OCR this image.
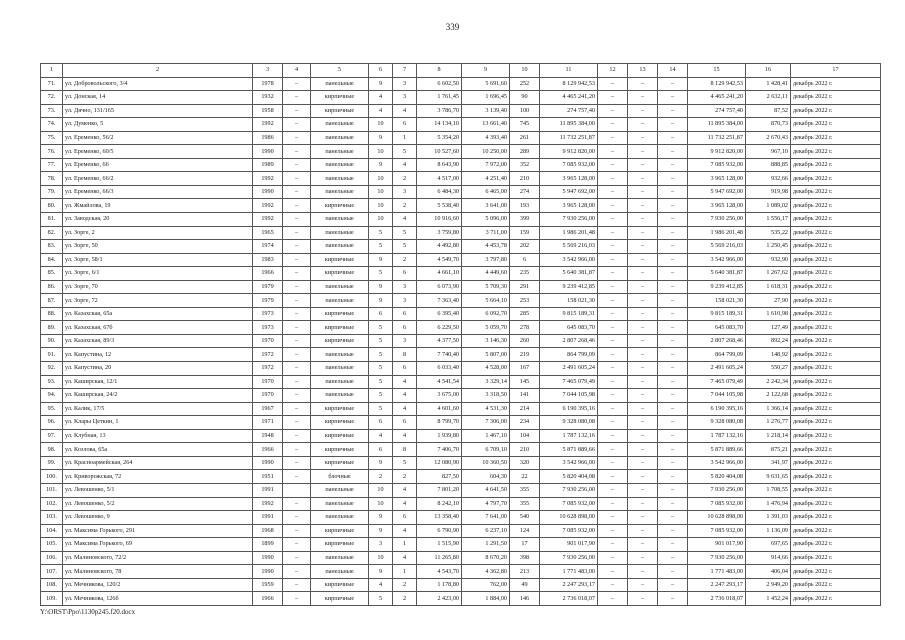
339
1	2	3	4	5	6	7	8	9	10	11	12	13	14	15	16	17
71.	ул. Добровольского, 3/4	1978	–	панельные	9	3	6 602,50	5 691,60	252	8 129 942,53	–	–	–	8 129 942,53	1 428,41	декабрь 2022 г.
72.	ул. Донская, 14	1932	–	кирпичные	4	3	1 761,45	1 696,45	90	4 465 241,20	–	–	–	4 465 241,20	2 632,11	декабрь 2022 г.
73.	ул. Дячно, 131/165	1958	–	кирпичные	4	4	3 786,70	3 139,40	100	274 757,40	–	–	–	274 757,40	87,52	декабрь 2022 г.
74.	ул. Думенко, 5	1992	–	панельные	10	6	14 134,10	13 661,40	745	11 895 384,00	–	–	–	11 895 384,00	870,73	декабрь 2022 г.
75.	ул. Еременко, 56/2	1986	–	панельные	9	1	5 354,20	4 393,40	261	11 732 251,87	–	–	–	11 732 251,87	2 670,43	декабрь 2022 г.
76.	ул. Еременко, 60/5	1990	–	панельные	10	5	10 527,60	10 250,00	289	9 912 820,00	–	–	–	9 912 820,00	967,10	декабрь 2022 г.
77.	ул. Еременко, 66	1989	–	панельные	9	4	8 643,90	7 972,00	352	7 085 932,00	–	–	–	7 085 932,00	888,85	декабрь 2022 г.
78.	ул. Еременко, 66/2	1992	–	панельные	10	2	4 517,00	4 251,40	210	3 965 128,00	–	–	–	3 965 128,00	932,66	декабрь 2022 г.
79.	ул. Еременко, 66/3	1990	–	панельные	10	3	6 484,30	6 465,00	274	5 947 692,00	–	–	–	5 947 692,00	919,98	декабрь 2022 г.
80.	ул. Жмайлова, 19	1992	–	кирпичные	10	2	5 538,40	3 641,00	193	3 965 128,00	–	–	–	3 965 128,00	1 089,02	декабрь 2022 г.
81.	ул. Заводская, 20	1992	–	панельные	10	4	10 916,60	5 096,00	399	7 930 256,00	–	–	–	7 930 256,00	1 556,17	декабрь 2022 г.
82.	ул. Зорге, 2	1965	–	панельные	5	5	3 759,80	3 711,00	159	1 986 201,48	–	–	–	1 986 201,48	535,22	декабрь 2022 г.
83.	ул. Зорге, 50	1974	–	панельные	5	5	4 492,80	4 453,78	202	5 569 216,03	–	–	–	5 569 216,03	1 250,45	декабрь 2022 г.
84.	ул. Зорге, 58/1	1983	–	кирпичные	9	2	4 549,70	3 797,80	6	3 542 966,00	–	–	–	3 542 966,00	932,90	декабрь 2022 г.
85.	ул. Зорге, 6/1	1966	–	кирпичные	5	6	4 661,10	4 449,60	235	5 640 381,87	–	–	–	5 640 381,87	1 267,62	декабрь 2022 г.
86.	ул. Зорге, 70	1979	–	панельные	9	3	6 073,90	5 709,30	291	9 239 412,85	–	–	–	9 239 412,85	1 618,31	декабрь 2022 г.
87.	ул. Зорге, 72	1979	–	панельные	9	3	7 363,40	5 664,10	253	158 021,30	–	–	–	158 021,30	27,90	декабрь 2022 г.
88.	ул. Казахская, 65а	1973	–	кирпичные	6	6	6 395,40	6 092,70	285	9 815 189,31	–	–	–	9 815 189,31	1 610,98	декабрь 2022 г.
89.	ул. Казахская, 67б	1973	–	кирпичные	5	6	6 229,50	5 059,70	278	645 083,70	–	–	–	645 083,70	127,49	декабрь 2022 г.
90.	ул. Казахская, 89/3	1970	–	кирпичные	5	3	4 377,50	3 146,30	260	2 807 268,46	–	–	–	2 807 268,46	892,24	декабрь 2022 г.
91.	ул. Капустина, 12	1972	–	панельные	5	8	7 740,40	5 807,00	219	864 799,09	–	–	–	864 799,09	148,92	декабрь 2022 г.
92.	ул. Капустина, 20	1972	–	панельные	5	6	6 033,40	4 528,00	167	2 491 605,24	–	–	–	2 491 605,24	550,27	декабрь 2022 г.
93.	ул. Каширская, 12/1	1970	–	панельные	5	4	4 541,54	3 329,14	145	7 465 079,49	–	–	–	7 465 079,49	2 242,34	декабрь 2022 г.
94.	ул. Каширская, 24/2	1970	–	панельные	5	4	3 675,00	3 318,50	141	7 044 105,98	–	–	–	7 044 105,98	2 122,68	декабрь 2022 г.
95.	ул. Калик, 17/5	1967	–	кирпичные	5	4	4 601,60	4 531,30	214	6 190 395,16	–	–	–	6 190 395,16	1 366,14	декабрь 2022 г.
96.	ул. Клары Цеткин, 1	1971	–	кирпичные	6	6	8 799,70	7 306,00	234	9 328 080,08	–	–	–	9 328 080,08	1 276,77	декабрь 2022 г.
97.	ул. Клубная, 13	1948	–	кирпичные	4	4	1 939,80	1 467,10	104	1 787 132,16	–	–	–	1 787 132,16	1 218,14	декабрь 2022 г.
98.	ул. Козлова, 65а	1966	–	кирпичные	6	8	7 406,70	6 709,10	210	5 871 889,66	–	–	–	5 871 889,66	875,21	декабрь 2022 г.
99.	ул. Красноармейская, 264	1990	–	кирпичные	9	5	12 080,90	10 360,50	320	3 542 966,00	–	–	–	3 542 966,00	341,97	декабрь 2022 г.
100.	ул. Криворожская, 72	1951	–	блочные	2	2	827,50	604,30	22	5 820 404,08	–	–	–	5 820 404,08	9 631,65	декабрь 2022 г.
101.	ул. Левошенко, 5/1	1991		панельные	10	4	7 801,20	4 641,50	355	7 930 256,00	–	–	–	7 930 256,00	1 708,55	декабрь 2022 г.
102.	ул. Левошенко, 5/2	1992	–	панельные	10	4	8 242,10	4 797,70	355	7 085 932,00	–	–	–	7 085 932,00	1 476,94	декабрь 2022 г.
103.	ул. Левошенко, 9	1991	–	панельные	9	6	13 358,40	7 641,00	540	10 628 898,00	–	–	–	10 628 898,00	1 391,03	декабрь 2022 г.
104.	ул. Максима Горького, 291	1968	–	кирпичные	9	4	6 790,90	6 237,10	124	7 085 932,00	–	–	–	7 085 932,00	1 136,09	декабрь 2022 г.
105.	ул. Максима Горького, 69	1899	–	кирпичные	3	1	1 515,90	1 291,50	17	901 017,90	–	–	–	901 017,90	697,65	декабрь 2022 г.
106.	ул. Малиновского, 72/2	1990	–	панельные	10	4	11 265,80	8 670,20	398	7 930 256,00	–	–	–	7 930 256,00	914,66	декабрь 2022 г.
107.	ул. Малиновского, 78	1990	–	панельные	9	1	4 543,70	4 362,80	213	1 771 483,00	–	–	–	1 771 483,00	406,04	декабрь 2022 г.
108.	ул. Мечникова, 120/2	1959	–	кирпичные	4	2	1 178,80	762,00	49	2 247 293,17	–	–	–	2 247 293,17	2 949,20	декабрь 2022 г.
109.	ул. Мечникова, 126б	1966	–	кирпичные	5	2	2 423,00	1 884,00	146	2 736 018,07	–	–	–	2 736 018,07	1 452,24	декабрь 2022 г.
Y:\ORST\Ppo\1130p245.f20.docx
